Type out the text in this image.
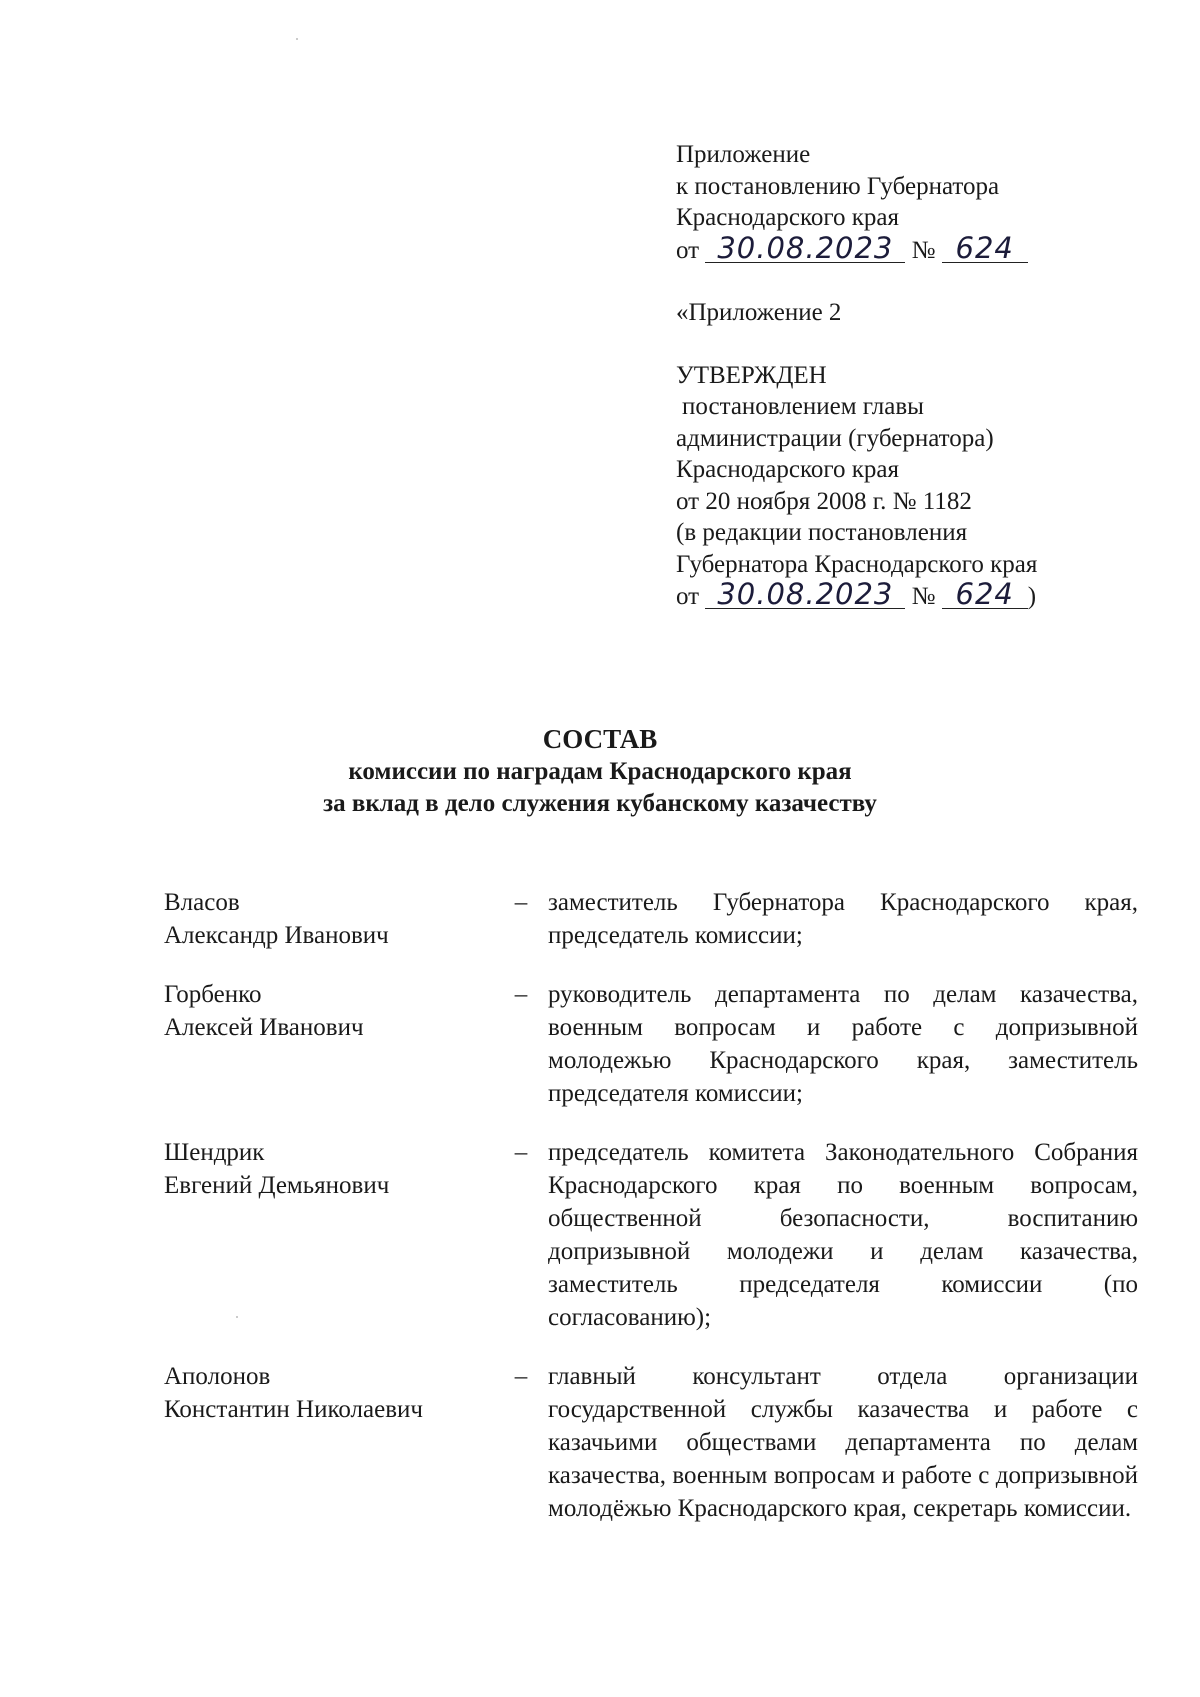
Приложение
к постановлению Губернатора
Краснодарского края
от 30.08.2023 № 624
«Приложение 2
УТВЕРЖДЕН
постановлением главы
администрации (губернатора)
Краснодарского края
от 20 ноября 2008 г. № 1182
(в редакции постановления
Губернатора Краснодарского края
от 30.08.2023 № 624 )
СОСТАВ
комиссии по наградам Краснодарского края
за вклад в дело служения кубанскому казачеству
Власов
Александр Иванович
– заместитель Губернатора Краснодарского края, председатель комиссии;
Горбенко
Алексей Иванович
– руководитель департамента по делам казачества, военным вопросам и работе с допризывной молодежью Краснодарского края, заместитель председателя комиссии;
Шендрик
Евгений Демьянович
– председатель комитета Законодательного Собрания Краснодарского края по военным вопросам, общественной безопасности, воспитанию допризывной молодежи и делам казачества, заместитель председателя комиссии (по согласованию);
Аполонов
Константин Николаевич
– главный консультант отдела организации государственной службы казачества и работе с казачьими обществами департамента по делам казачества, военным вопросам и работе с допризывной молодёжью Краснодарского края, секретарь комиссии.
